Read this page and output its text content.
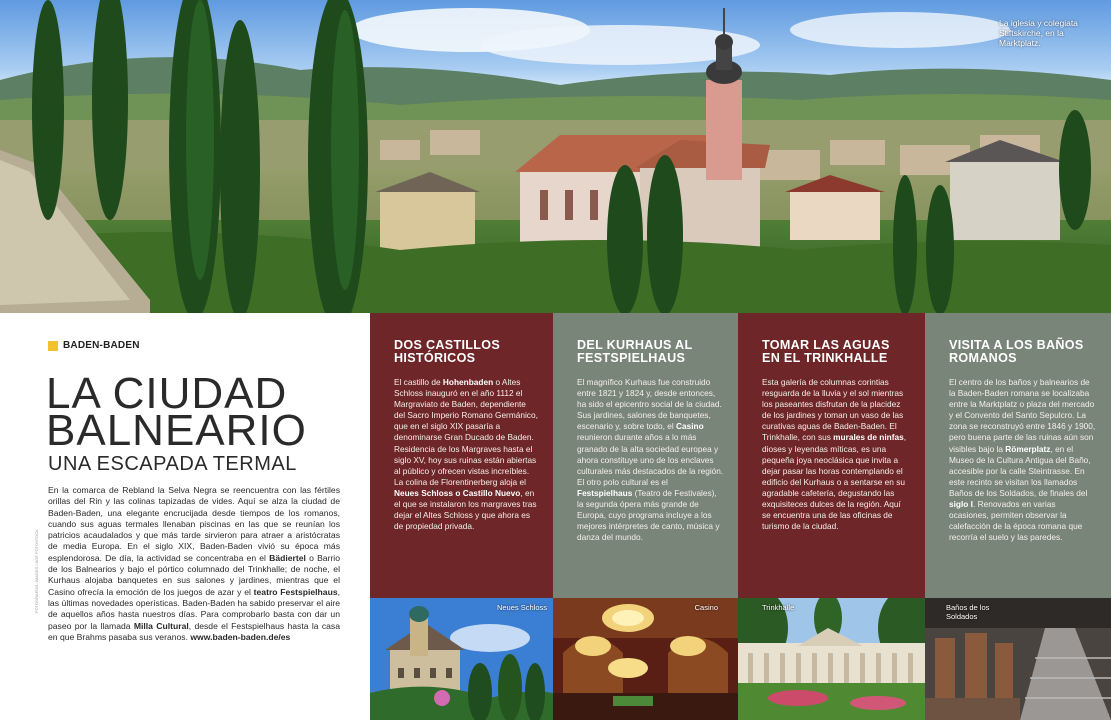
La iglesia y colegiata Stiftskirche, en la Marktplatz.
BADEN-BADEN
LA CIUDAD
BALNEARIO
UNA ESCAPADA TERMAL

En la comarca de Rebland la Selva Negra se reencuentra con las fértiles orillas del Rin y las colinas tapizadas de vides. Aquí se alza la ciudad de Baden-Baden, una elegante encrucijada desde tiempos de los romanos, cuando sus aguas termales llenaban piscinas en las que se reunían los patricios acaudalados y que más tarde sirvieron para atraer a aristócratas de media Europa. En el siglo XIX, Baden-Baden vivió su época más esplendorosa. De día, la actividad se concentraba en el Bädiertel o Barrio de los Balnearios y bajo el pórtico columnado del Trinkhalle; de noche, el Kurhaus alojaba banquetes en sus salones y jardines, mientras que el Casino ofrecía la emoción de los juegos de azar y el teatro Festspielhaus, las últimas novedades operísticas. Baden-Baden ha sabido preservar el aire de aquellos años hasta nuestros días. Para comprobarlo basta con dar un paseo por la llamada Milla Cultural, desde el Festspielhaus hasta la casa en que Brahms pasaba sus veranos. www.baden-baden.de/es

FOTOGRAFÍAS: IMAGES / AGE FOTOSTOCK
DOS CASTILLOS HISTÓRICOS

El castillo de Hohenbaden o Altes Schloss inauguró en el año 1112 el Margraviato de Baden, dependiente del Sacro Imperio Romano Germánico, que en el siglo XIX pasaría a denominarse Gran Ducado de Baden. Residencia de los Margraves hasta el siglo XV, hoy sus ruinas están abiertas al público y ofrecen vistas increíbles. La colina de Florentinerberg aloja el Neues Schloss o Castillo Nuevo, en el que se instalaron los margraves tras dejar el Altes Schloss y que ahora es de propiedad privada.

DEL KURHAUS AL FESTSPIELHAUS

El magnífico Kurhaus fue construido entre 1821 y 1824 y, desde entonces, ha sido el epicentro social de la ciudad. Sus jardines, salones de banquetes, escenario y, sobre todo, el Casino reunieron durante años a lo más granado de la alta sociedad europea y ahora constituye uno de los enclaves culturales más destacados de la región. El otro polo cultural es el Festspielhaus (Teatro de Festivales), la segunda ópera más grande de Europa, cuyo programa incluye a los mejores intérpretes de canto, música y danza del mundo.

TOMAR LAS AGUAS EN EL TRINKHALLE

Esta galería de columnas corintias resguarda de la lluvia y el sol mientras los paseantes disfrutan de la placidez de los jardines y toman un vaso de las curativas aguas de Baden-Baden. El Trinkhalle, con sus murales de ninfas, dioses y leyendas míticas, es una pequeña joya neoclásica que invita a dejar pasar las horas contemplando el edificio del Kurhaus o a sentarse en su agradable cafetería, degustando las exquisiteces dulces de la región. Aquí se encuentra una de las oficinas de turismo de la ciudad.

VISITA A LOS BAÑOS ROMANOS

El centro de los baños y balnearios de la Baden-Baden romana se localizaba entre la Marktplatz o plaza del mercado y el Convento del Santo Sepulcro. La zona se reconstruyó entre 1846 y 1900, pero buena parte de las ruinas aún son visibles bajo la Römerplatz, en el Museo de la Cultura Antigua del Baño, accesible por la calle Steintrasse. En este recinto se visitan los llamados Baños de los Soldados, de finales del siglo I. Renovados en varias ocasiones, permiten observar la calefacción de la época romana que recorría el suelo y las paredes.

Neues Schloss	Casino	Trinkhalle	Baños de los Soldados
